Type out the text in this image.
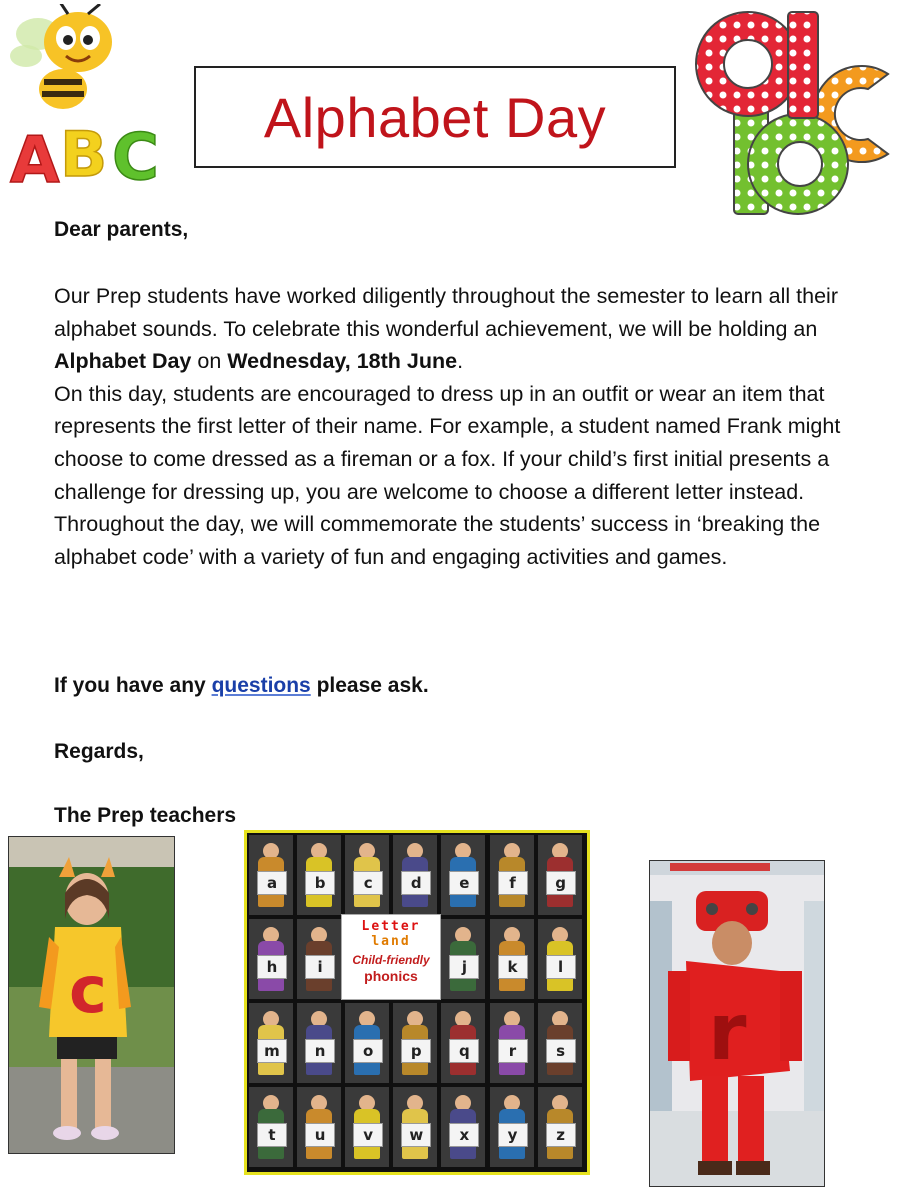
A B C
Alphabet Day
Dear parents,

Our Prep students have worked diligently throughout the semester to learn all their alphabet sounds. To celebrate this wonderful achievement, we will be holding an Alphabet Day on Wednesday, 18th June.

On this day, students are encouraged to dress up in an outfit or wear an item that represents the first letter of their name. For example, a student named Frank might choose to come dressed as a fireman or a fox. If your child’s first initial presents a challenge for dressing up, you are welcome to choose a different letter instead.

Throughout the day, we will commemorate the students’ success in ‘breaking the alphabet code’ with a variety of fun and engaging activities and games.

If you have any questions please ask.
Regards,
The Prep teachers
c
a	b	c	d	e	f	g
h	i	j	k	l
m	n	o	p	q	r	s
t	u	v	w	x	y	z
Letter
land
Child-friendly
phonics
r
